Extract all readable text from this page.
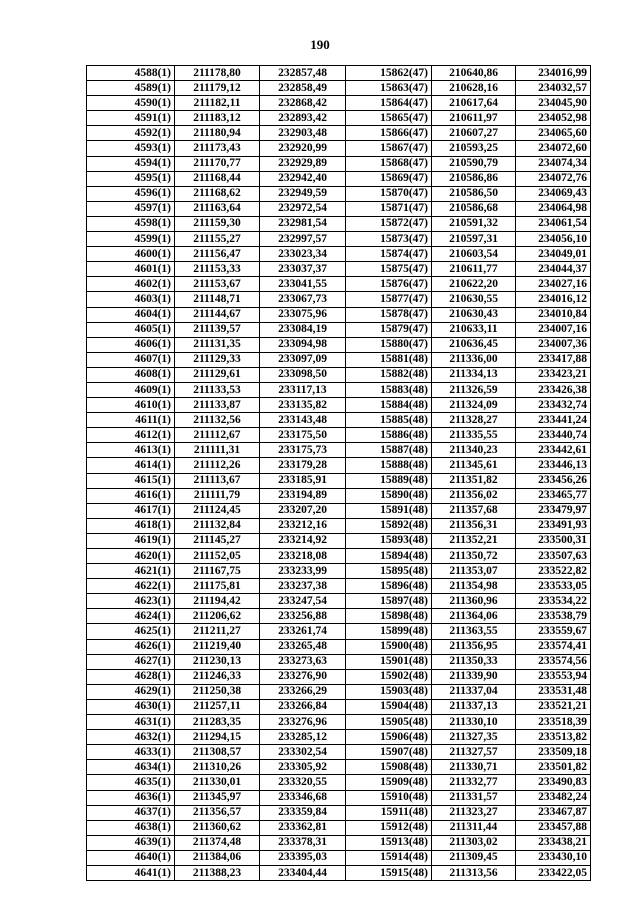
190
4588(1)	211178,80	232857,48	15862(47)	210640,86	234016,99
4589(1)	211179,12	232858,49	15863(47)	210628,16	234032,57
4590(1)	211182,11	232868,42	15864(47)	210617,64	234045,90
4591(1)	211183,12	232893,42	15865(47)	210611,97	234052,98
4592(1)	211180,94	232903,48	15866(47)	210607,27	234065,60
4593(1)	211173,43	232920,99	15867(47)	210593,25	234072,60
4594(1)	211170,77	232929,89	15868(47)	210590,79	234074,34
4595(1)	211168,44	232942,40	15869(47)	210586,86	234072,76
4596(1)	211168,62	232949,59	15870(47)	210586,50	234069,43
4597(1)	211163,64	232972,54	15871(47)	210586,68	234064,98
4598(1)	211159,30	232981,54	15872(47)	210591,32	234061,54
4599(1)	211155,27	232997,57	15873(47)	210597,31	234056,10
4600(1)	211156,47	233023,34	15874(47)	210603,54	234049,01
4601(1)	211153,33	233037,37	15875(47)	210611,77	234044,37
4602(1)	211153,67	233041,55	15876(47)	210622,20	234027,16
4603(1)	211148,71	233067,73	15877(47)	210630,55	234016,12
4604(1)	211144,67	233075,96	15878(47)	210630,43	234010,84
4605(1)	211139,57	233084,19	15879(47)	210633,11	234007,16
4606(1)	211131,35	233094,98	15880(47)	210636,45	234007,36
4607(1)	211129,33	233097,09	15881(48)	211336,00	233417,88
4608(1)	211129,61	233098,50	15882(48)	211334,13	233423,21
4609(1)	211133,53	233117,13	15883(48)	211326,59	233426,38
4610(1)	211133,87	233135,82	15884(48)	211324,09	233432,74
4611(1)	211132,56	233143,48	15885(48)	211328,27	233441,24
4612(1)	211112,67	233175,50	15886(48)	211335,55	233440,74
4613(1)	211111,31	233175,73	15887(48)	211340,23	233442,61
4614(1)	211112,26	233179,28	15888(48)	211345,61	233446,13
4615(1)	211113,67	233185,91	15889(48)	211351,82	233456,26
4616(1)	211111,79	233194,89	15890(48)	211356,02	233465,77
4617(1)	211124,45	233207,20	15891(48)	211357,68	233479,97
4618(1)	211132,84	233212,16	15892(48)	211356,31	233491,93
4619(1)	211145,27	233214,92	15893(48)	211352,21	233500,31
4620(1)	211152,05	233218,08	15894(48)	211350,72	233507,63
4621(1)	211167,75	233233,99	15895(48)	211353,07	233522,82
4622(1)	211175,81	233237,38	15896(48)	211354,98	233533,05
4623(1)	211194,42	233247,54	15897(48)	211360,96	233534,22
4624(1)	211206,62	233256,88	15898(48)	211364,06	233538,79
4625(1)	211211,27	233261,74	15899(48)	211363,55	233559,67
4626(1)	211219,40	233265,48	15900(48)	211356,95	233574,41
4627(1)	211230,13	233273,63	15901(48)	211350,33	233574,56
4628(1)	211246,33	233276,90	15902(48)	211339,90	233553,94
4629(1)	211250,38	233266,29	15903(48)	211337,04	233531,48
4630(1)	211257,11	233266,84	15904(48)	211337,13	233521,21
4631(1)	211283,35	233276,96	15905(48)	211330,10	233518,39
4632(1)	211294,15	233285,12	15906(48)	211327,35	233513,82
4633(1)	211308,57	233302,54	15907(48)	211327,57	233509,18
4634(1)	211310,26	233305,92	15908(48)	211330,71	233501,82
4635(1)	211330,01	233320,55	15909(48)	211332,77	233490,83
4636(1)	211345,97	233346,68	15910(48)	211331,57	233482,24
4637(1)	211356,57	233359,84	15911(48)	211323,27	233467,87
4638(1)	211360,62	233362,81	15912(48)	211311,44	233457,88
4639(1)	211374,48	233378,31	15913(48)	211303,02	233438,21
4640(1)	211384,06	233395,03	15914(48)	211309,45	233430,10
4641(1)	211388,23	233404,44	15915(48)	211313,56	233422,05
